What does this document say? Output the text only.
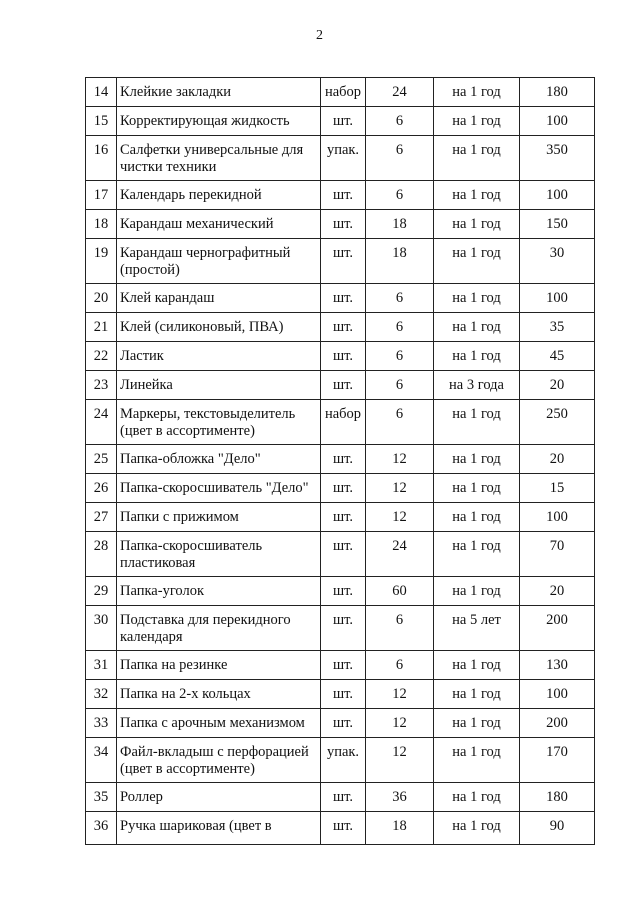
2
14	Клейкие закладки	набор	24	на 1 год	180
15	Корректирующая жидкость	шт.	6	на 1 год	100
16	Салфетки универсальные для чистки техники	упак.	6	на 1 год	350
17	Календарь перекидной	шт.	6	на 1 год	100
18	Карандаш механический	шт.	18	на 1 год	150
19	Карандаш чернографитный (простой)	шт.	18	на 1 год	30
20	Клей карандаш	шт.	6	на 1 год	100
21	Клей (силиконовый, ПВА)	шт.	6	на 1 год	35
22	Ластик	шт.	6	на 1 год	45
23	Линейка	шт.	6	на 3 года	20
24	Маркеры, текстовыделитель (цвет в ассортименте)	набор	6	на 1 год	250
25	Папка-обложка "Дело"	шт.	12	на 1 год	20
26	Папка-скоросшиватель "Дело"	шт.	12	на 1 год	15
27	Папки с прижимом	шт.	12	на 1 год	100
28	Папка-скоросшиватель пластиковая	шт.	24	на 1 год	70
29	Папка-уголок	шт.	60	на 1 год	20
30	Подставка для перекидного календаря	шт.	6	на 5 лет	200
31	Папка на резинке	шт.	6	на 1 год	130
32	Папка на 2-х кольцах	шт.	12	на 1 год	100
33	Папка с арочным механизмом	шт.	12	на 1 год	200
34	Файл-вкладыш с перфорацией (цвет в ассортименте)	упак.	12	на 1 год	170
35	Роллер	шт.	36	на 1 год	180
36	Ручка шариковая (цвет в	шт.	18	на 1 год	90
